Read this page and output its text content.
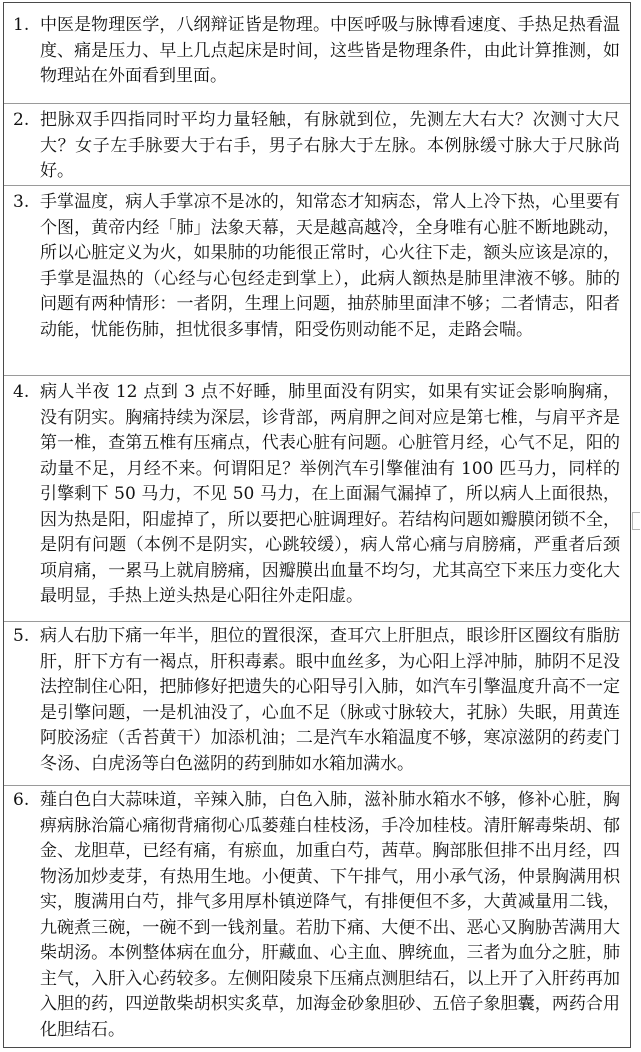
1. 中医是物理医学，八纲辩证皆是物理。中医呼吸与脉博看速度、手热足热看温度、痛是压力、早上几点起床是时间，这些皆是物理条件，由此计算推测，如物理站在外面看到里面。
2. 把脉双手四指同时平均力量轻触，有脉就到位，先测左大右大？次测寸大尺大？女子左手脉要大于右手，男子右脉大于左脉。本例脉缓寸脉大于尺脉尚好。
3. 手掌温度，病人手掌凉不是冰的，知常态才知病态，常人上冷下热，心里要有个图，黄帝内经「肺」法象天幕，天是越高越冷，全身唯有心脏不断地跳动，所以心脏定义为火，如果肺的功能很正常时，心火往下走，额头应该是凉的，手掌是温热的（心经与心包经走到掌上），此病人额热是肺里津液不够。肺的问题有两种情形：一者阴，生理上问题，抽菸肺里面津不够；二者情志，阳者动能，忧能伤肺，担忧很多事情，阳受伤则动能不足，走路会喘。
4. 病人半夜 12 点到 3 点不好睡，肺里面没有阴实，如果有实证会影响胸痛，没有阴实。胸痛持续为深层，诊背部，两肩胛之间对应是第七椎，与肩平齐是第一椎，查第五椎有压痛点，代表心脏有问题。心脏管月经，心气不足，阳的动量不足，月经不来。何谓阳足？举例汽车引擎催油有 100 匹马力，同样的引擎剩下 50 马力，不见 50 马力，在上面漏气漏掉了，所以病人上面很热，因为热是阳，阳虚掉了，所以要把心脏调理好。若结构问题如瓣膜闭锁不全，是阴有问题（本例不是阴实，心跳较缓），病人常心痛与肩膀痛，严重者后颈项肩痛，一累马上就肩膀痛，因瓣膜出血量不均匀，尤其高空下来压力变化大最明显，手热上逆头热是心阳往外走阳虚。
5. 病人右肋下痛一年半，胆位的置很深，查耳穴上肝胆点，眼诊肝区圈纹有脂肪肝，肝下方有一褐点，肝积毒素。眼中血丝多，为心阳上浮冲肺，肺阴不足没法控制住心阳，把肺修好把遗失的心阳导引入肺，如汽车引擎温度升高不一定是引擎问题，一是机油没了，心血不足（脉或寸脉较大，芤脉）失眠，用黄连阿胶汤症（舌苔黄干）加添机油；二是汽车水箱温度不够，寒凉滋阴的药麦门冬汤、白虎汤等白色滋阴的药到肺如水箱加满水。
6. 薤白色白大蒜味道，辛辣入肺，白色入肺，滋补肺水箱水不够，修补心脏，胸痹病脉治篇心痛彻背痛彻心瓜蒌薤白桂枝汤，手冷加桂枝。清肝解毒柴胡、郁金、龙胆草，已经有痛，有瘀血，加重白芍，茜草。胸部胀但排不出月经，四物汤加炒麦芽，有热用生地。小便黄、下午排气，用小承气汤，仲景胸满用枳实，腹满用白芍，排气多用厚朴镇逆降气，有排便但不多，大黄减量用二钱，九碗煮三碗，一碗不到一钱剂量。若肋下痛、大便不出、恶心又胸胁苦满用大柴胡汤。本例整体病在血分，肝藏血、心主血、脾统血，三者为血分之脏，肺主气，入肝入心药较多。左侧阳陵泉下压痛点测胆结石，以上开了入肝药再加入胆的药，四逆散柴胡枳实炙草，加海金砂象胆砂、五倍子象胆囊，两药合用化胆结石。
